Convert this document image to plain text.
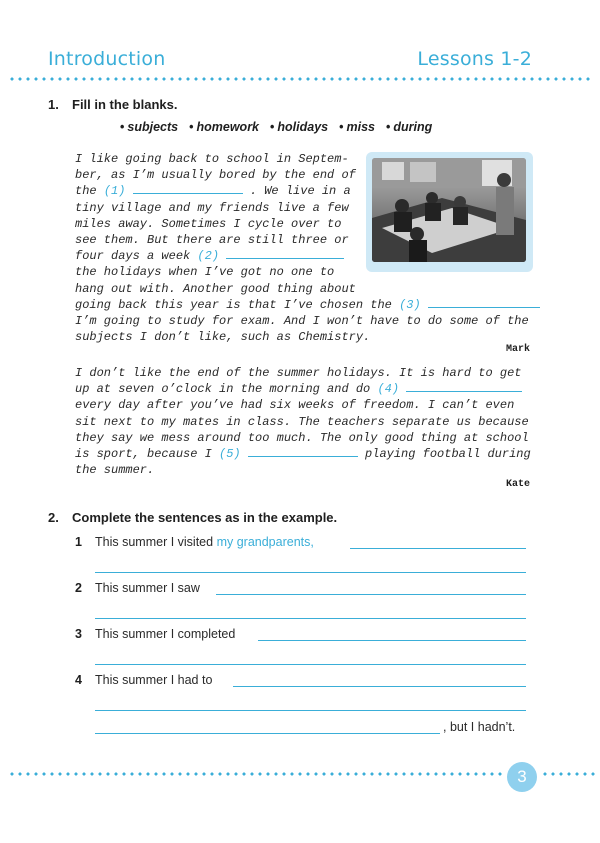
Introduction	Lessons 1-2
1. Fill in the blanks.
• subjects	• homework	• holidays	• miss	• during
I like going back to school in Septem-
ber, as I’m usually bored by the end of
the (1)	. We live in a
tiny village and my friends live a few
miles away. Sometimes I cycle over to
see them. But there are still three or
four days a week (2)
the holidays when I’ve got no one to
hang out with. Another good thing about
going back this year is that I’ve chosen the (3)
I’m going to study for exam. And I won’t have to do some of the
subjects I don’t like, such as Chemistry.
Mark
I don’t like the end of the summer holidays. It is hard to get
up at seven o’clock in the morning and do (4)
every day after you’ve had six weeks of freedom. I can’t even
sit next to my mates in class. The teachers separate us because
they say we mess around too much. The only good thing at school
is sport, because I (5)	playing football during
the summer.
Kate
2. Complete the sentences as in the example.
1 This summer I visited my grandparents,
2 This summer I saw
3 This summer I completed
4 This summer I had to
, but I hadn’t.
3
